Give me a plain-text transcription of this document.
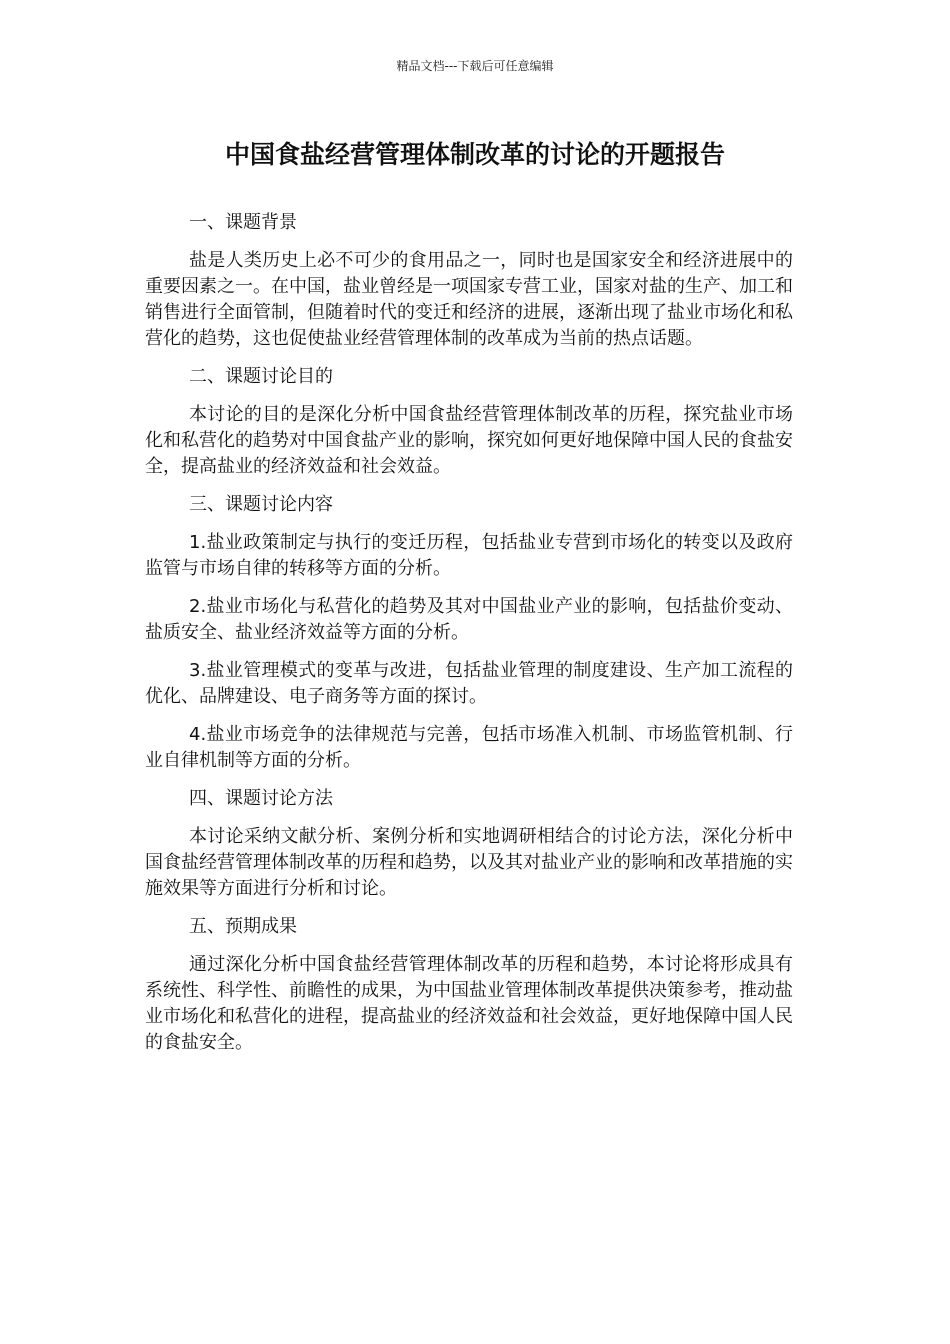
精品文档---下载后可任意编辑
中国食盐经营管理体制改革的讨论的开题报告
一、课题背景
盐是人类历史上必不可少的食用品之一，同时也是国家安全和经济进展中的重要因素之一。在中国，盐业曾经是一项国家专营工业，国家对盐的生产、加工和销售进行全面管制，但随着时代的变迁和经济的进展，逐渐出现了盐业市场化和私营化的趋势，这也促使盐业经营管理体制的改革成为当前的热点话题。
二、课题讨论目的
本讨论的目的是深化分析中国食盐经营管理体制改革的历程，探究盐业市场化和私营化的趋势对中国食盐产业的影响，探究如何更好地保障中国人民的食盐安全，提高盐业的经济效益和社会效益。
三、课题讨论内容
1.盐业政策制定与执行的变迁历程，包括盐业专营到市场化的转变以及政府监管与市场自律的转移等方面的分析。
2.盐业市场化与私营化的趋势及其对中国盐业产业的影响，包括盐价变动、盐质安全、盐业经济效益等方面的分析。
3.盐业管理模式的变革与改进，包括盐业管理的制度建设、生产加工流程的优化、品牌建设、电子商务等方面的探讨。
4.盐业市场竞争的法律规范与完善，包括市场准入机制、市场监管机制、行业自律机制等方面的分析。
四、课题讨论方法
本讨论采纳文献分析、案例分析和实地调研相结合的讨论方法，深化分析中国食盐经营管理体制改革的历程和趋势，以及其对盐业产业的影响和改革措施的实施效果等方面进行分析和讨论。
五、预期成果
通过深化分析中国食盐经营管理体制改革的历程和趋势，本讨论将形成具有系统性、科学性、前瞻性的成果，为中国盐业管理体制改革提供决策参考，推动盐业市场化和私营化的进程，提高盐业的经济效益和社会效益，更好地保障中国人民的食盐安全。
